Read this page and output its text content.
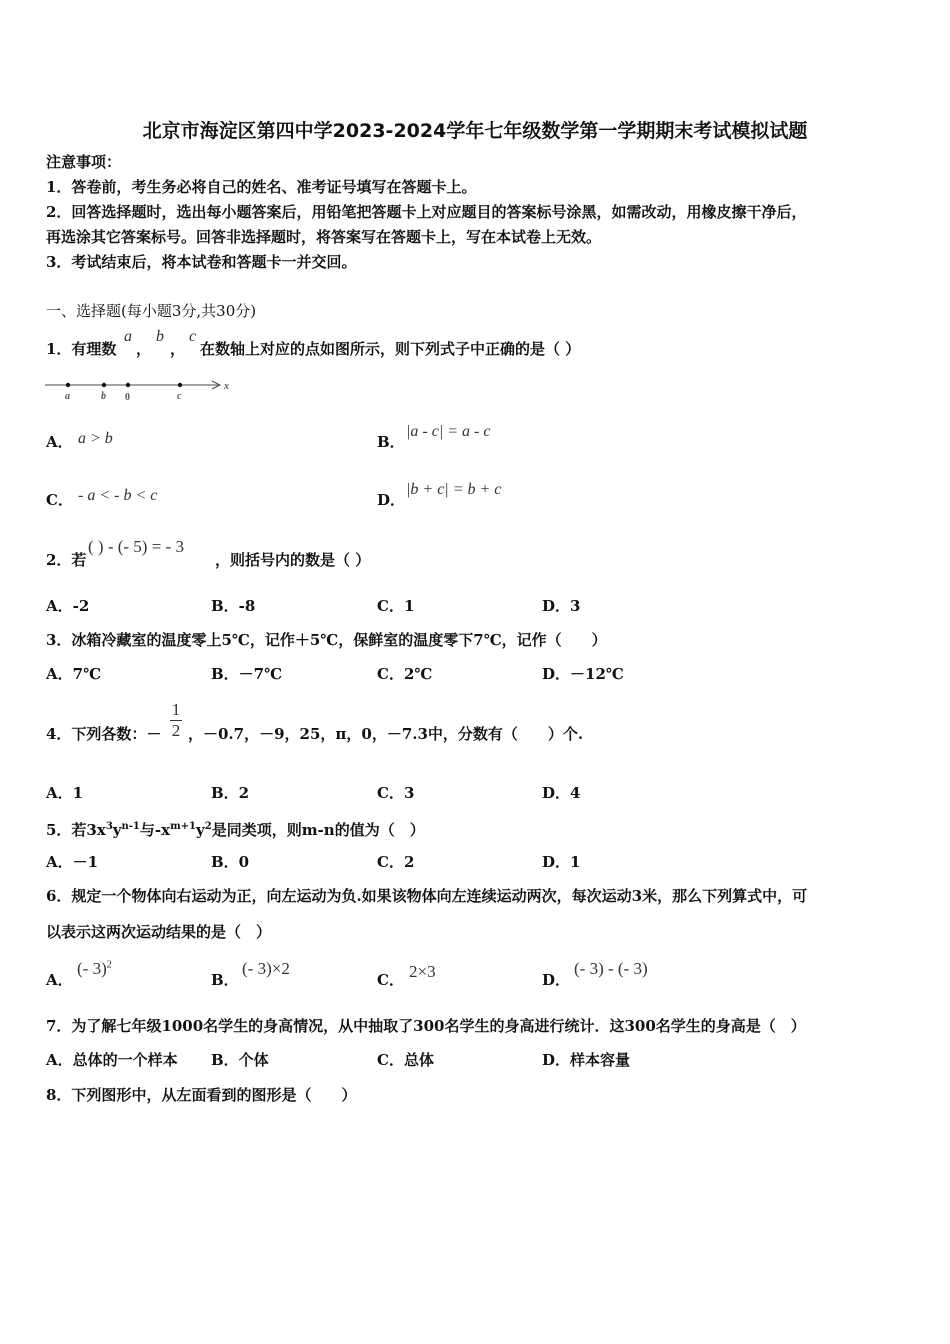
北京市海淀区第四中学2023-2024学年七年级数学第一学期期末考试模拟试题
注意事项：
1．答卷前，考生务必将自己的姓名、准考证号填写在答题卡上。
2．回答选择题时，选出每小题答案后，用铅笔把答题卡上对应题目的答案标号涂黑，如需改动，用橡皮擦干净后，
再选涂其它答案标号。回答非选择题时，将答案写在答题卡上，写在本试卷上无效。
3．考试结束后，将本试卷和答题卡一并交回。
一、选择题(每小题3分,共30分)
1．有理数
a
，
b
，
c
在数轴上对应的点如图所示，则下列式子中正确的是（ ）
a	b 0	c
x
A． a > b	B．
|a - c| = a - c
C． - a < - b < c	D．
|b + c| = b + c
2．若
( ) - (- 5) = - 3
，则括号内的数是（ ）
A．-2	B．-8	C．1	D．3
3．冰箱冷藏室的温度零上5℃，记作＋5℃，保鲜室的温度零下7℃，记作（　　）
A．7℃	B．－7℃	C．2℃	D．－12℃
4．下列各数：－
1
2 ，－0.7，－9，25，π，0，－7.3中，分数有（　　）个.
A．1	B．2	C．3	D．4
5．若$3x^3y^{n-1}$与$-x^{m+1}y^2$是同类项，则m-n的值为（　）
A．－1	B．0	C．2	D．1
6．规定一个物体向右运动为正，向左运动为负.如果该物体向左连续运动两次，每次运动3米，那么下列算式中，可
以表示这两次运动结果的是（　）
A．
(- 3)$^2$
B．
(- 3)×2
C． 2×3	D．
(- 3) - (- 3)
7．为了解七年级1000名学生的身高情况，从中抽取了300名学生的身高进行统计．这300名学生的身高是（　）
A．总体的一个样本 B．个体	C．总体	D．样本容量
8．下列图形中，从左面看到的图形是（　　）
